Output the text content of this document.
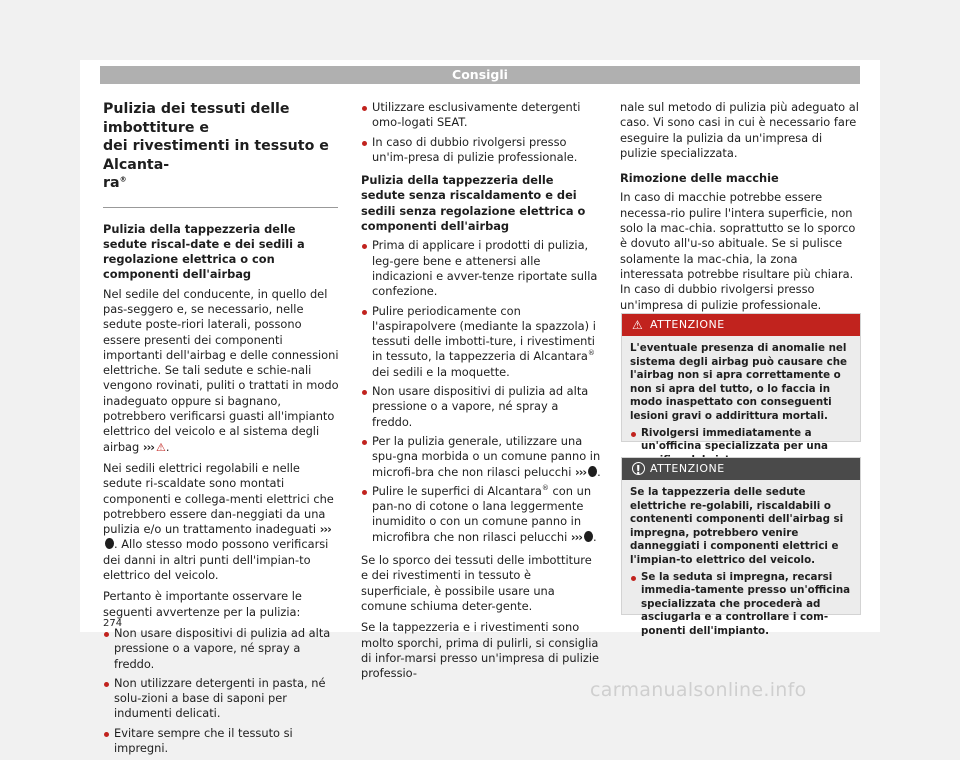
Consigli
Pulizia dei tessuti delle imbottiture e
dei rivestimenti in tessuto e Alcanta-
ra®

Pulizia della tappezzeria delle sedute riscal-date e dei sedili a regolazione elettrica o con componenti dell'airbag

Nel sedile del conducente, in quello del pas-seggero e, se necessario, nelle sedute poste-riori laterali, possono essere presenti dei componenti importanti dell'airbag e delle connessioni elettriche. Se tali sedute e schie-nali vengono rovinati, puliti o trattati in modo inadeguato oppure si bagnano, potrebbero verificarsi guasti all'impianto elettrico del veicolo e al sistema degli airbag ››› ⚠.

Nei sedili elettrici regolabili e nelle sedute ri-scaldate sono montati componenti e collega-menti elettrici che potrebbero essere dan-neggiati da una pulizia e/o un trattamento inadeguati ›››. Allo stesso modo possono verificarsi dei danni in altri punti dell'impian-to elettrico del veicolo.

Pertanto è importante osservare le seguenti avvertenze per la pulizia:

Non usare dispositivi di pulizia ad alta pressione o a vapore, né spray a freddo.
Non utilizzare detergenti in pasta, né solu-zioni a base di saponi per indumenti delicati.
Evitare sempre che il tessuto si impregni.
Utilizzare esclusivamente detergenti omo-logati SEAT.
In caso di dubbio rivolgersi presso un'im-presa di pulizie professionale.

Pulizia della tappezzeria delle sedute senza riscaldamento e dei sedili senza regolazione elettrica o componenti dell'airbag

Prima di applicare i prodotti di pulizia, leg-gere bene e attenersi alle indicazioni e avver-tenze riportate sulla confezione.
Pulire periodicamente con l'aspirapolvere (mediante la spazzola) i tessuti delle imbotti-ture, i rivestimenti in tessuto, la tappezzeria di Alcantara® dei sedili e la moquette.
Non usare dispositivi di pulizia ad alta pressione o a vapore, né spray a freddo.
Per la pulizia generale, utilizzare una spu-gna morbida o un comune panno in microfi-bra che non rilasci pelucchi ››› .
Pulire le superfici di Alcantara® con un pan-no di cotone o lana leggermente inumidito o con un comune panno in microfibra che non rilasci pelucchi ››› .

Se lo sporco dei tessuti delle imbottiture e dei rivestimenti in tessuto è superficiale, è possibile usare una comune schiuma deter-gente.

Se la tappezzeria e i rivestimenti sono molto sporchi, prima di pulirli, si consiglia di infor-marsi presso un'impresa di pulizie professio-

nale sul metodo di pulizia più adeguato al caso. Vi sono casi in cui è necessario fare eseguire la pulizia da un'impresa di pulizie specializzata.

Rimozione delle macchie

In caso di macchie potrebbe essere necessa-rio pulire l'intera superficie, non solo la mac-chia. soprattutto se lo sporco è dovuto all'u-so abituale. Se si pulisce solamente la mac-chia, la zona interessata potrebbe risultare più chiara. In caso di dubbio rivolgersi presso un'impresa di pulizie professionale.

⚠ ATTENZIONE

L'eventuale presenza di anomalie nel sistema degli airbag può causare che l'airbag non si apra correttamente o non si apra del tutto, o lo faccia in modo inaspettato con conseguenti lesioni gravi o addirittura mortali.

Rivolgersi immediatamente a un'officina specializzata per una
! ATTENZIONE

Se la tappezzeria delle sedute elettriche re-golabili, riscaldabili o contenenti componenti dell'airbag si impregna, potrebbero venire danneggiati i componenti elettrici e l'impian-to elettrico del veicolo.

Se la seduta si impregna, recarsi immedia-tamente presso un'officina specializzata che procederà ad asciugarla e a controllare i com-ponenti dell'impianto.
274
carmanualsonline.info
